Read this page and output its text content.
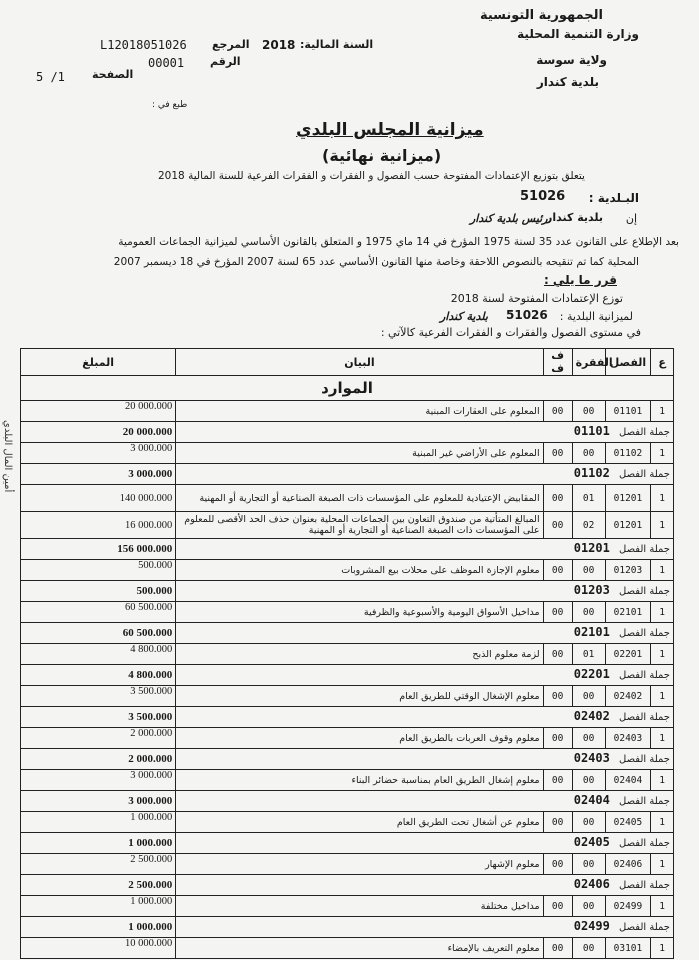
الجمهورية التونسية
وزارة التنمية المحلية
ولاية سوسة
بلدية كندار
السنة المالية:
2018
المرجع
L12018051026
الرقم
00001
الصفحة
5 /1
طبع في :
ميزانية المجلس البلدي
(ميزانية نهائية)
يتعلق بتوزيع الإعتمادات المفتوحة حسب الفصول و الفقرات و الفقرات الفرعية للسنة المالية 2018
البـلدية :
51026
بلدية كندار إن
رئيس بلدية كندار
بعد الإطلاع على القانون عدد 35 لسنة 1975 المؤرخ في 14 ماي 1975 و المتعلق بالقانون الأساسي لميزانية الجماعات العمومية
المحلية كما تم تنقيحه بالنصوص اللاحقة وخاصة منها القانون الأساسي عدد 65 لسنة 2007 المؤرخ في 18 ديسمبر 2007
قرر ما يلي :
توزع الإعتمادات المفتوحة لسنة 2018
لميزانية البلدية :
51026
بلدية كندار
في مستوى الفصول والفقرات و الفقرات الفرعية كالآتي :
أمين المال البلدي
المبلغ	البيان	ف ف	الفقرة	الفصل	ع
الموارد					
20 000.000	المعلوم على العقارات المبنية	00	00	01101	1
20 000.000	جملة الفصل 01101				
3 000.000	المعلوم على الأراضي غير المبنية	00	00	01102	1
3 000.000	جملة الفصل 01102				
140 000.000	المقابيض الإعتيادية للمعلوم على المؤسسات ذات الصبغة الصناعية أو التجارية أو المهنية	00	01	01201	1
16 000.000	المبالغ المتأتية من صندوق التعاون بين الجماعات المحلية بعنوان حذف الحد الأقصى للمعلوم على المؤسسات ذات الصبغة الصناعية أو التجارية أو المهنية	00	02	01201	1
156 000.000	جملة الفصل 01201				
500.000	معلوم الإجازة الموظف على محلات بيع المشروبات	00	00	01203	1
500.000	جملة الفصل 01203				
60 500.000	مداخيل الأسواق اليومية والأسبوعية والظرفية	00	00	02101	1
60 500.000	جملة الفصل 02101				
4 800.000	لزمة معلوم الذبح	00	01	02201	1
4 800.000	جملة الفصل 02201				
3 500.000	معلوم الإشغال الوقتي للطريق العام	00	00	02402	1
3 500.000	جملة الفصل 02402				
2 000.000	معلوم وقوف العربات بالطريق العام	00	00	02403	1
2 000.000	جملة الفصل 02403				
3 000.000	معلوم إشغال الطريق العام بمناسبة حضائر البناء	00	00	02404	1
3 000.000	جملة الفصل 02404				
1 000.000	معلوم عن أشغال تحت الطريق العام	00	00	02405	1
1 000.000	جملة الفصل 02405				
2 500.000	معلوم الإشهار	00	00	02406	1
2 500.000	جملة الفصل 02406				
1 000.000	مداخيل مختلفة	00	00	02499	1
1 000.000	جملة الفصل 02499				
10 000.000	معلوم التعريف بالإمضاء	00	00	03101	1
